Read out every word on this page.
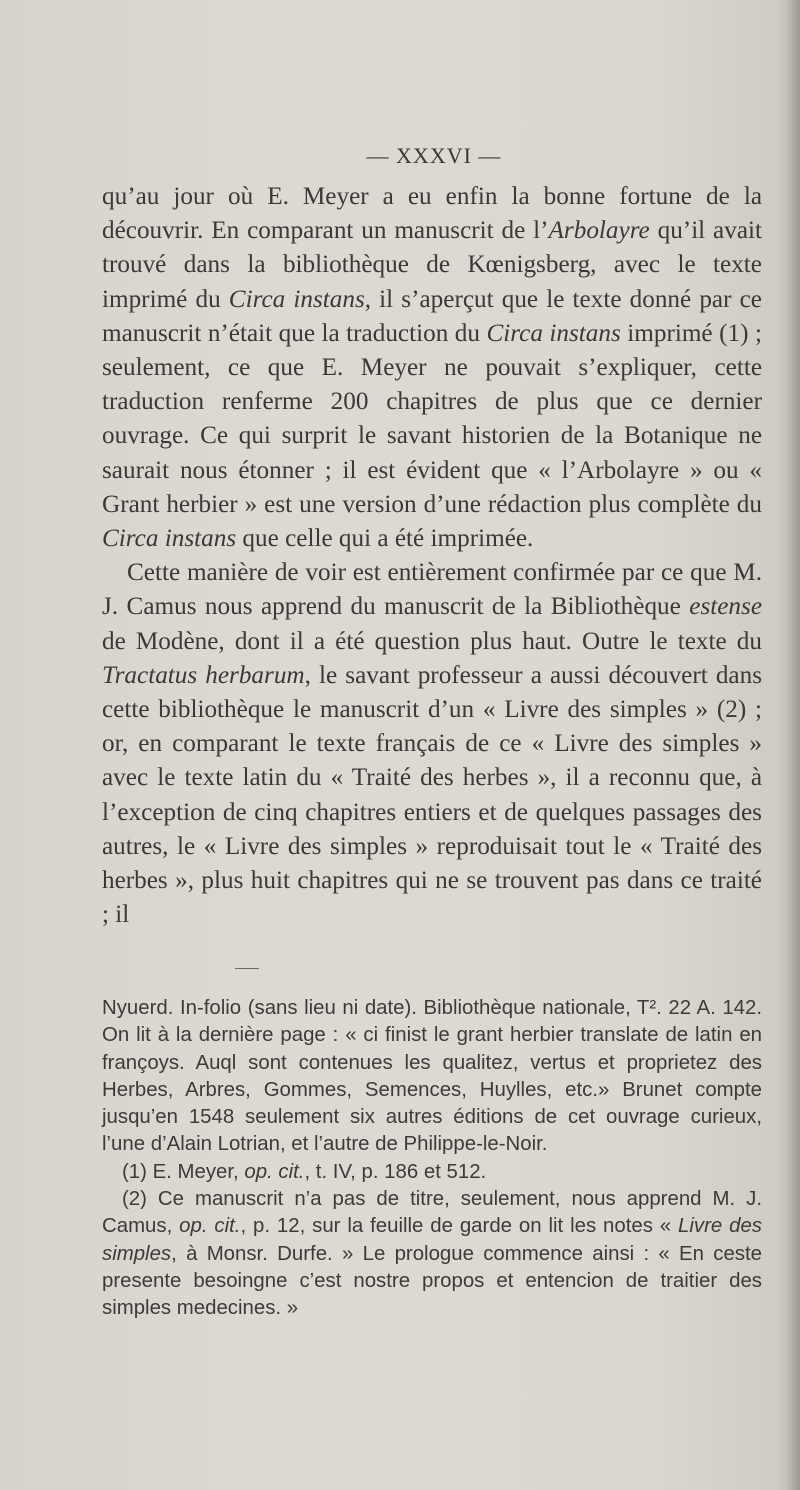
— XXXVI —

qu’au jour où E. Meyer a eu enfin la bonne fortune de la découvrir. En comparant un manuscrit de l’Arbolayre qu’il avait trouvé dans la bibliothèque de Kœnigsberg, avec le texte imprimé du Circa instans, il s’aperçut que le texte donné par ce manuscrit n’était que la traduction du Circa instans imprimé (1) ; seulement, ce que E. Meyer ne pouvait s’expliquer, cette traduction renferme 200 chapitres de plus que ce dernier ouvrage. Ce qui surprit le savant historien de la Botanique ne saurait nous étonner ; il est évident que « l’Arbolayre » ou « Grant herbier » est une version d’une rédaction plus complète du Circa instans que celle qui a été imprimée.

Cette manière de voir est entièrement confirmée par ce que M. J. Camus nous apprend du manuscrit de la Bibliothèque estense de Modène, dont il a été question plus haut. Outre le texte du Tractatus herbarum, le savant professeur a aussi découvert dans cette bibliothèque le manuscrit d’un « Livre des simples » (2) ; or, en comparant le texte français de ce « Livre des simples » avec le texte latin du « Traité des herbes », il a reconnu que, à l’exception de cinq chapitres entiers et de quelques passages des autres, le « Livre des simples » reproduisait tout le « Traité des herbes », plus huit chapitres qui ne se trouvent pas dans ce traité ; il

Nyuerd. In-folio (sans lieu ni date). Bibliothèque nationale, T². 22 A. 142. On lit à la dernière page : « ci finist le grant herbier translate de latin en françoys. Auql sont contenues les qualitez, vertus et proprietez des Herbes, Arbres, Gommes, Semences, Huylles, etc.» Brunet compte jusqu’en 1548 seulement six autres éditions de cet ouvrage curieux, l’une d’Alain Lotrian, et l’autre de Philippe-le-Noir.

(1) E. Meyer, op. cit., t. IV, p. 186 et 512.

(2) Ce manuscrit n’a pas de titre, seulement, nous apprend M. J. Camus, op. cit., p. 12, sur la feuille de garde on lit les notes « Livre des simples, à Monsr. Durfe. » Le prologue commence ainsi : « En ceste presente besoingne c’est nostre propos et entencion de traitier des simples medecines. »
